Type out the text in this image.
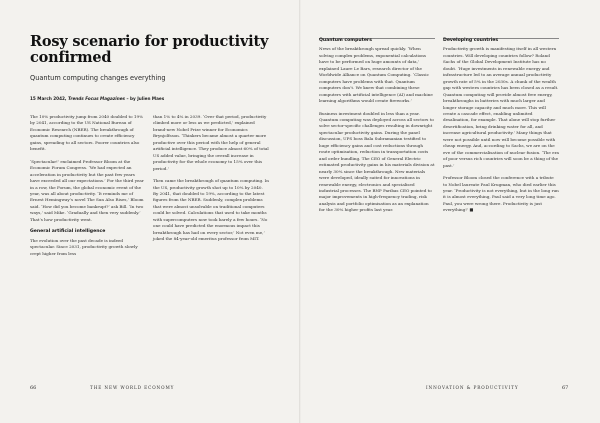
Rosy scenario for productivity confirmed
Quantum computing changes everything
15 March 2042, Trends Focus Magazines – by Julien Maes

The 10% productivity jump from 2040 doubled to 19% by 2041, according to the US National Bureau of Economic Research (NBER). The breakthrough of quantum computing continues to create efficiency gains, spreading to all sectors. Poorer countries also benefit.

‘Spectacular!’ exclaimed Professor Bloom at the Economic Forum Congress. ‘We had expected an acceleration in productivity but the past few years have exceeded all our expectations.’ For the third year in a row, the Forum, the global economic event of the year, was all about productivity. ‘It reminds me of Ernest Hemingway’s novel The Sun Also Rises,’ Bloom said. ‘How did you become bankrupt?’ ask Bill. ‘In two ways,’ said Mike. ‘Gradually and then very suddenly.’ That’s how productivity went.

General artificial intelligence

The evolution over the past decade is indeed spectacular. Since 2031, productivity growth slowly crept higher from less

than 1% to 4% in 2039. ‘Over that period, productivity climbed more or less as we predicted,’ explained brand-new Nobel Prize winner for Economics Brynjolfsson. ‘Thinkers became almost a quarter more productive over this period with the help of general artificial intelligence. They produce almost 60% of total US added value, bringing the overall increase in productivity for the whole economy to 15% over this period.’

Then came the breakthrough of quantum computing. In the US, productivity growth shot up to 10% by 2040. By 2041, that doubled to 19%, according to the latest figures from the NBER. Suddenly, complex problems that were almost unsolvable on traditional computers could be solved. Calculations that used to take months with supercomputers now took barely a few hours. ‘No one could have predicted the enormous impact this breakthrough has had on every sector,’ Not even me,’ joked the 84-year-old emeritus professor from MIT.

Quantum computers

News of the breakthrough spread quickly. ‘When solving complex problems, exponential calculations have to be performed on huge amounts of data,’ explained Laure Le Bars, research director of the Worldwide Alliance on Quantum Computing. ‘Classic computers have problems with that. Quantum computers don’t. We knew that combining these computers with artificial intelligence (AI) and machine learning algorithms would create fireworks.’

Business investment doubled in less than a year. Quantum computing was deployed across all sectors to solve sector-specific challenges resulting in downright spectacular productivity gains. During the panel discussion, UPS boss Bala Subramanian testified to huge efficiency gains and cost reductions through route optimisation, reduction in transportation costs and order bundling. The CEO of General Electric estimated productivity gains in his materials division at nearly 30% since the breakthrough. New materials were developed, ideally suited for innovations in renewable energy, electronics and specialised industrial processes. The BNP Paribas CEO pointed to major improvements in high-frequency trading, risk analysis and portfolio optimisation as an explanation for the 30% higher profits last year.

Developing countries

Productivity growth is manifesting itself in all western countries. Will developing countries follow? Roland Sachs of the Global Development Institute has no doubt. ‘Huge investments in renewable energy and infrastructure led to an average annual productivity growth rate of 5% in the 2030s. A chunk of the wealth gap with western countries has been closed as a result. Quantum computing will provide almost free energy, breakthroughs in batteries with much larger and longer storage capacity and much more. This will create a cascade effect, enabling unlimited desalination, for example. That alone will stop further desertification, bring drinking water for all, and increase agricultural productivity.’ Many things that were not possible until now will become possible with cheap energy. And, according to Sachs, we are on the eve of the commercialisation of nuclear fusion. ‘The era of poor versus rich countries will soon be a thing of the past.’

Professor Bloom closed the conference with a tribute to Nobel laureate Paul Krugman, who died earlier this year. ‘Productivity is not everything, but in the long run it is almost everything, Paul said a very long time ago. Paul, you were wrong there. Productivity is just everything!’ ■

66	THE NEW WORLD ECONOMY	INNOVATION & PRODUCTIVITY	67
